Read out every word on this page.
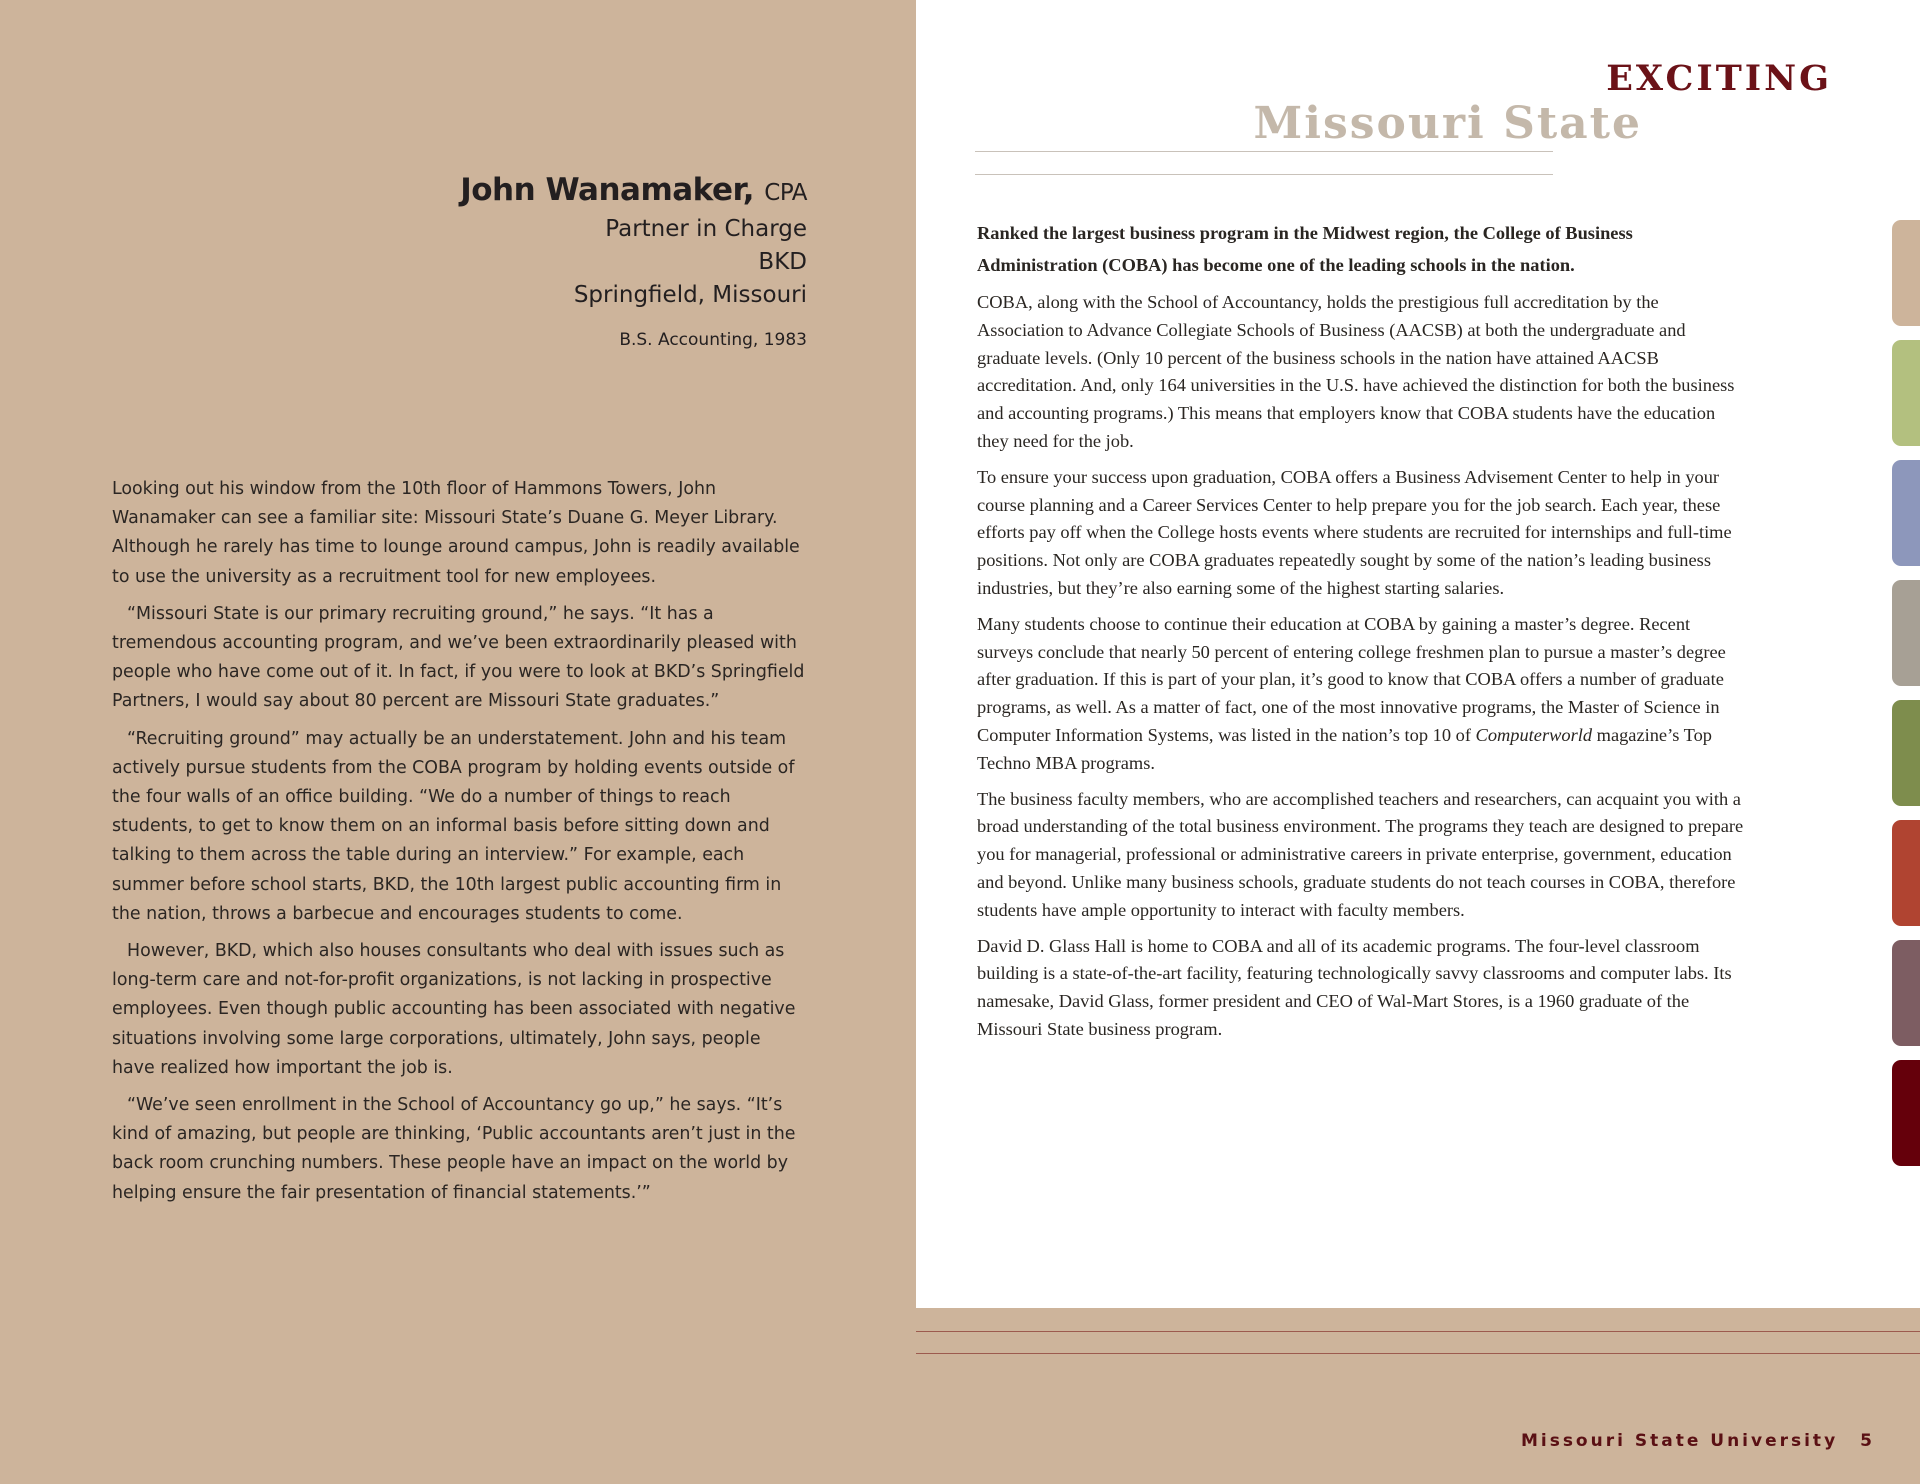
John Wanamaker, CPA
Partner in Charge
BKD
Springfield, Missouri
B.S. Accounting, 1983

Looking out his window from the 10th floor of Hammons Towers, John Wanamaker can see a familiar site: Missouri State’s Duane G. Meyer Library. Although he rarely has time to lounge around campus, John is readily available to use the university as a recruitment tool for new employees.

“Missouri State is our primary recruiting ground,” he says. “It has a tremendous accounting program, and we’ve been extraordinarily pleased with people who have come out of it. In fact, if you were to look at BKD’s Springfield Partners, I would say about 80 percent are Missouri State graduates.”

“Recruiting ground” may actually be an understatement. John and his team actively pursue students from the COBA program by holding events outside of the four walls of an office building. “We do a number of things to reach students, to get to know them on an informal basis before sitting down and talking to them across the table during an interview.” For example, each summer before school starts, BKD, the 10th largest public accounting firm in the nation, throws a barbecue and encourages students to come.

However, BKD, which also houses consultants who deal with issues such as long-term care and not-for-profit organizations, is not lacking in prospective employees. Even though public accounting has been associated with negative situations involving some large corporations, ultimately, John says, people have realized how important the job is.

“We’ve seen enrollment in the School of Accountancy go up,” he says. “It’s kind of amazing, but people are thinking, ‘Public accountants aren’t just in the back room crunching numbers. These people have an impact on the world by helping ensure the fair presentation of financial statements.’”

EXCITING
Missouri State

Ranked the largest business program in the Midwest region, the College of Business Administration (COBA) has become one of the leading schools in the nation.

COBA, along with the School of Accountancy, holds the prestigious full accreditation by the Association to Advance Collegiate Schools of Business (AACSB) at both the undergraduate and graduate levels. (Only 10 percent of the business schools in the nation have attained AACSB accreditation. And, only 164 universities in the U.S. have achieved the distinction for both the business and accounting programs.) This means that employers know that COBA students have the education they need for the job.

To ensure your success upon graduation, COBA offers a Business Advisement Center to help in your course planning and a Career Services Center to help prepare you for the job search. Each year, these efforts pay off when the College hosts events where students are recruited for internships and full-time positions. Not only are COBA graduates repeatedly sought by some of the nation’s leading business industries, but they’re also earning some of the highest starting salaries.

Many students choose to continue their education at COBA by gaining a master’s degree. Recent surveys conclude that nearly 50 percent of entering college freshmen plan to pursue a master’s degree after graduation. If this is part of your plan, it’s good to know that COBA offers a number of graduate programs, as well. As a matter of fact, one of the most innovative programs, the Master of Science in Computer Information Systems, was listed in the nation’s top 10 of Computerworld magazine’s Top Techno MBA programs.

The business faculty members, who are accomplished teachers and researchers, can acquaint you with a broad understanding of the total business environment. The programs they teach are designed to prepare you for managerial, professional or administrative careers in private enterprise, government, education and beyond. Unlike many business schools, graduate students do not teach courses in COBA, therefore students have ample opportunity to interact with faculty members.

David D. Glass Hall is home to COBA and all of its academic programs. The four-level classroom building is a state-of-the-art facility, featuring technologically savvy classrooms and computer labs. Its namesake, David Glass, former president and CEO of Wal-Mart Stores, is a 1960 graduate of the Missouri State business program.

Missouri State University 5
